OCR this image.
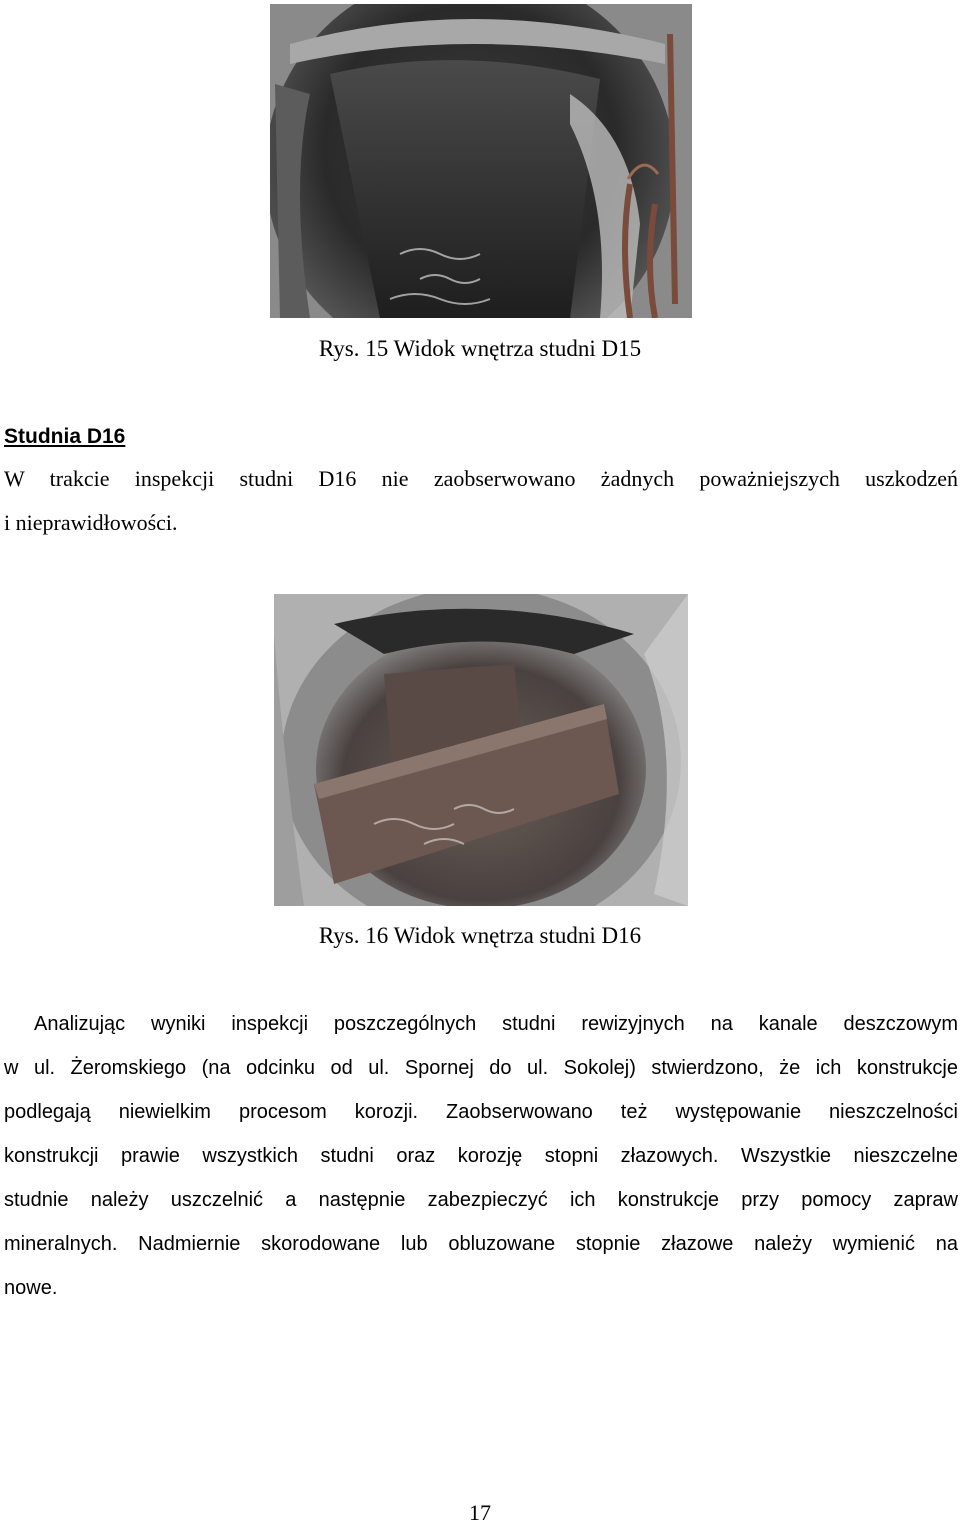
Rys. 15 Widok wnętrza studni D15
Studnia D16
W trakcie inspekcji studni D16 nie zaobserwowano żadnych poważniejszych uszkodzeń
i nieprawidłowości.
Rys. 16 Widok wnętrza studni D16
Analizując wyniki inspekcji poszczególnych studni rewizyjnych na kanale deszczowym
w ul. Żeromskiego (na odcinku od ul. Spornej do ul. Sokolej) stwierdzono, że ich konstrukcje
podlegają niewielkim procesom korozji. Zaobserwowano też występowanie nieszczelności
konstrukcji prawie wszystkich studni oraz korozję stopni złazowych. Wszystkie nieszczelne
studnie należy uszczelnić a następnie zabezpieczyć ich konstrukcje przy pomocy zapraw
mineralnych. Nadmiernie skorodowane lub obluzowane stopnie złazowe należy wymienić na
nowe.
17
